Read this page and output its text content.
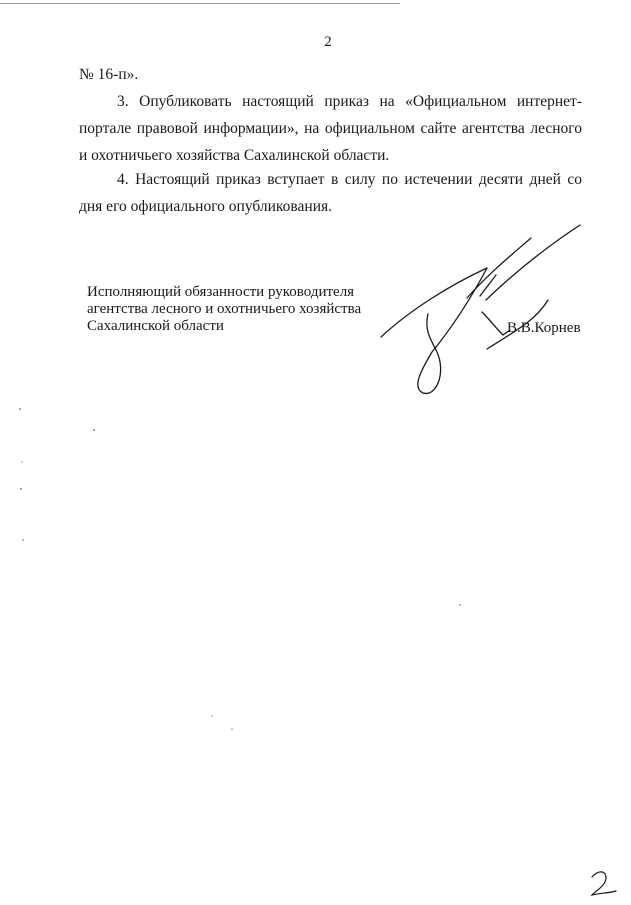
2
№ 16-п».
3. Опубликовать настоящий приказ на «Официальном интернет-портале правовой информации», на официальном сайте агентства лесного и охотничьего хозяйства Сахалинской области.
4. Настоящий приказ вступает в силу по истечении десяти дней со дня его официального опубликования.
Исполняющий обязанности руководителя
агентства лесного и охотничьего хозяйства
Сахалинской области	В.В.Корнев
